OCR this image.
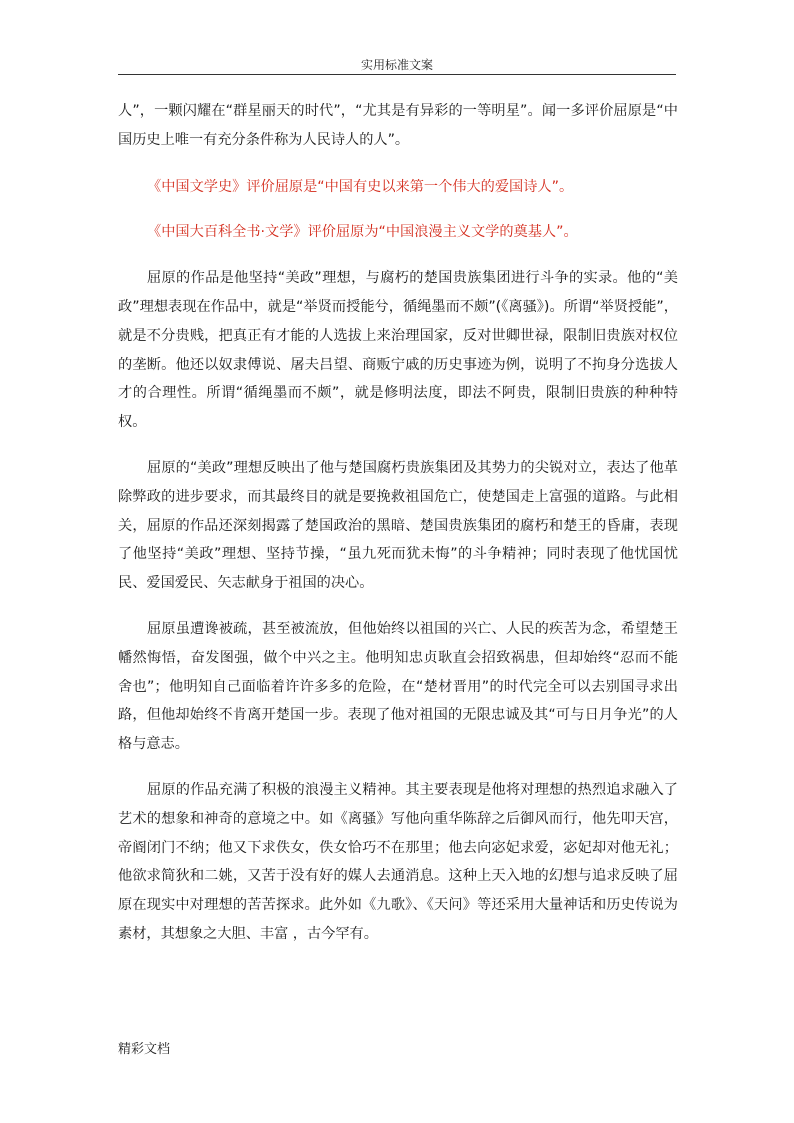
实用标准文案

人”，一颗闪耀在“群星丽天的时代”，“尤其是有异彩的一等明星”。闻一多评价屈原是“中国历史上唯一有充分条件称为人民诗人的人”。

《中国文学史》评价屈原是“中国有史以来第一个伟大的爱国诗人”。

《中国大百科全书·文学》评价屈原为“中国浪漫主义文学的奠基人”。

屈原的作品是他坚持“美政”理想，与腐朽的楚国贵族集团进行斗争的实录。他的“美政”理想表现在作品中，就是“举贤而授能兮，循绳墨而不颇”(《离骚》)。所谓“举贤授能”，就是不分贵贱，把真正有才能的人选拔上来治理国家，反对世卿世禄，限制旧贵族对权位的垄断。他还以奴隶傅说、屠夫吕望、商贩宁戚的历史事迹为例，说明了不拘身分选拔人才的合理性。所谓“循绳墨而不颇”，就是修明法度，即法不阿贵，限制旧贵族的种种特权。

屈原的“美政”理想反映出了他与楚国腐朽贵族集团及其势力的尖锐对立，表达了他革除弊政的进步要求，而其最终目的就是要挽救祖国危亡，使楚国走上富强的道路。与此相关，屈原的作品还深刻揭露了楚国政治的黑暗、楚国贵族集团的腐朽和楚王的昏庸，表现了他坚持“美政”理想、坚持节操，“虽九死而犹未悔”的斗争精神；同时表现了他忧国忧民、爱国爱民、矢志献身于祖国的决心。

屈原虽遭谗被疏，甚至被流放，但他始终以祖国的兴亡、人民的疾苦为念，希望楚王幡然悔悟，奋发图强，做个中兴之主。他明知忠贞耿直会招致祸患，但却始终“忍而不能舍也”；他明知自己面临着许许多多的危险，在“楚材晋用”的时代完全可以去别国寻求出路，但他却始终不肯离开楚国一步。表现了他对祖国的无限忠诚及其“可与日月争光”的人格与意志。

屈原的作品充满了积极的浪漫主义精神。其主要表现是他将对理想的热烈追求融入了艺术的想象和神奇的意境之中。如《离骚》写他向重华陈辞之后御风而行，他先叩天宫，帝阍闭门不纳；他又下求佚女，佚女恰巧不在那里；他去向宓妃求爱，宓妃却对他无礼；他欲求简狄和二姚，又苦于没有好的媒人去通消息。这种上天入地的幻想与追求反映了屈原在现实中对理想的苦苦探求。此外如《九歌》、《天问》等还采用大量神话和历史传说为素材，其想象之大胆、丰富 ，古今罕有。

精彩文档
